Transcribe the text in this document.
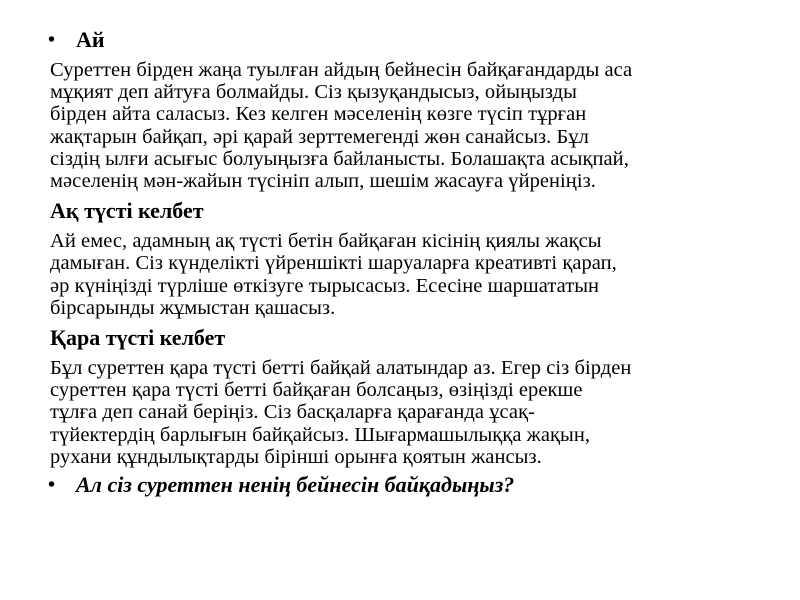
• Ай
Суреттен бірден жаңа туылған айдың бейнесін байқағандарды аса
мұқият деп айтуға болмайды. Сіз қызуқандысыз, ойыңызды
бірден айта саласыз. Кез келген мәселенің көзге түсіп тұрған
жақтарын байқап, әрі қарай зерттемегенді жөн санайсыз. Бұл
сіздің ылғи асығыс болуыңызға байланысты. Болашақта асықпай,
мәселенің мән-жайын түсініп алып, шешім жасауға үйреніңіз.
Ақ түсті келбет
Ай емес, адамның ақ түсті бетін байқаған кісінің қиялы жақсы
дамыған. Сіз күнделікті үйреншікті шаруаларға креативті қарап,
әр күніңізді түрліше өткізуге тырысасыз. Есесіне шаршататын
бірсарынды жұмыстан қашасыз.
Қара түсті келбет
Бұл суреттен қара түсті бетті байқай алатындар аз. Егер сіз бірден
суреттен қара түсті бетті байқаған болсаңыз, өзіңізді ерекше
тұлға деп санай беріңіз. Сіз басқаларға қарағанда ұсақ-
түйектердің барлығын байқайсыз. Шығармашылыққа жақын,
рухани құндылықтарды бірінші орынға қоятын жансыз.
• Ал сіз суреттен ненің бейнесін байқадыңыз?
